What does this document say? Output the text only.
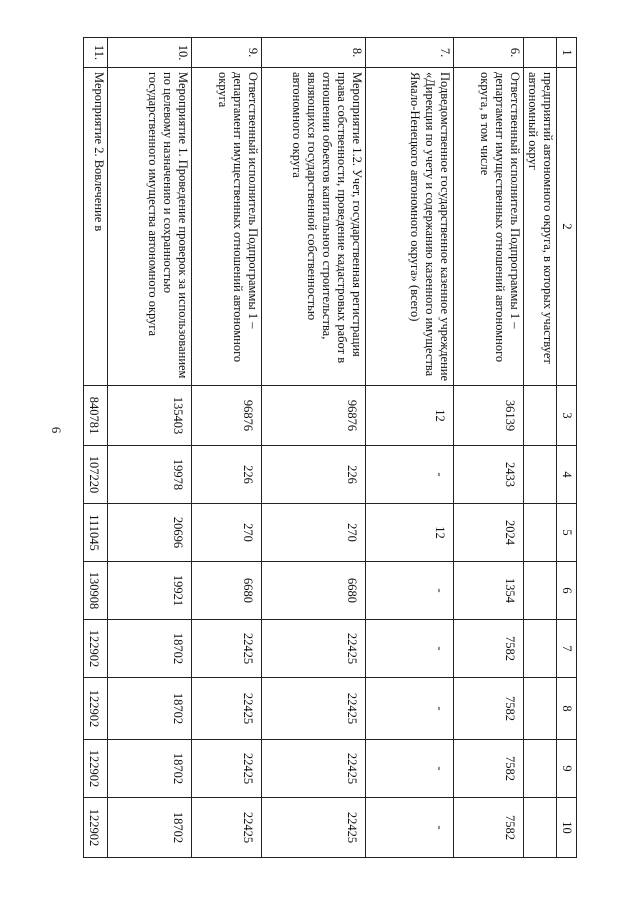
6
1	2	3	4	5	6	7	8	9	10
	предприятий автономного округа, в которых участвует автономный округ								
6.	Ответственный исполнитель Подпрограммы 1 – департамент имущественных отношений автономного округа, в том числе	36139	2433	2024	1354	7582	7582	7582	7582
7.	Подведомственное государственное казенное учреждение «Дирекция по учету и содержанию казенного имущества Ямало-Ненецкого автономного округа» (всего)	12	-	12	-	-	-	-	-
8.	Мероприятие 1.2. Учет, государственная регистрация права собственности, проведение кадастровых работ в отношении объектов капитального строительства, являющихся государственной собственностью автономного округа	96876	226	270	6680	22425	22425	22425	22425
9.	Ответственный исполнитель Подпрограммы 1 – департамент имущественных отношений автономного округа	96876	226	270	6680	22425	22425	22425	22425
10.	Мероприятие 1. Проведение проверок за использованием по целевому назначению и сохранностью государственного имущества автономного округа	135403	19978	20696	19921	18702	18702	18702	18702
11.	Мероприятие 2. Вовлечение в	840781	107220	111045	130908	122902	122902	122902	122902
